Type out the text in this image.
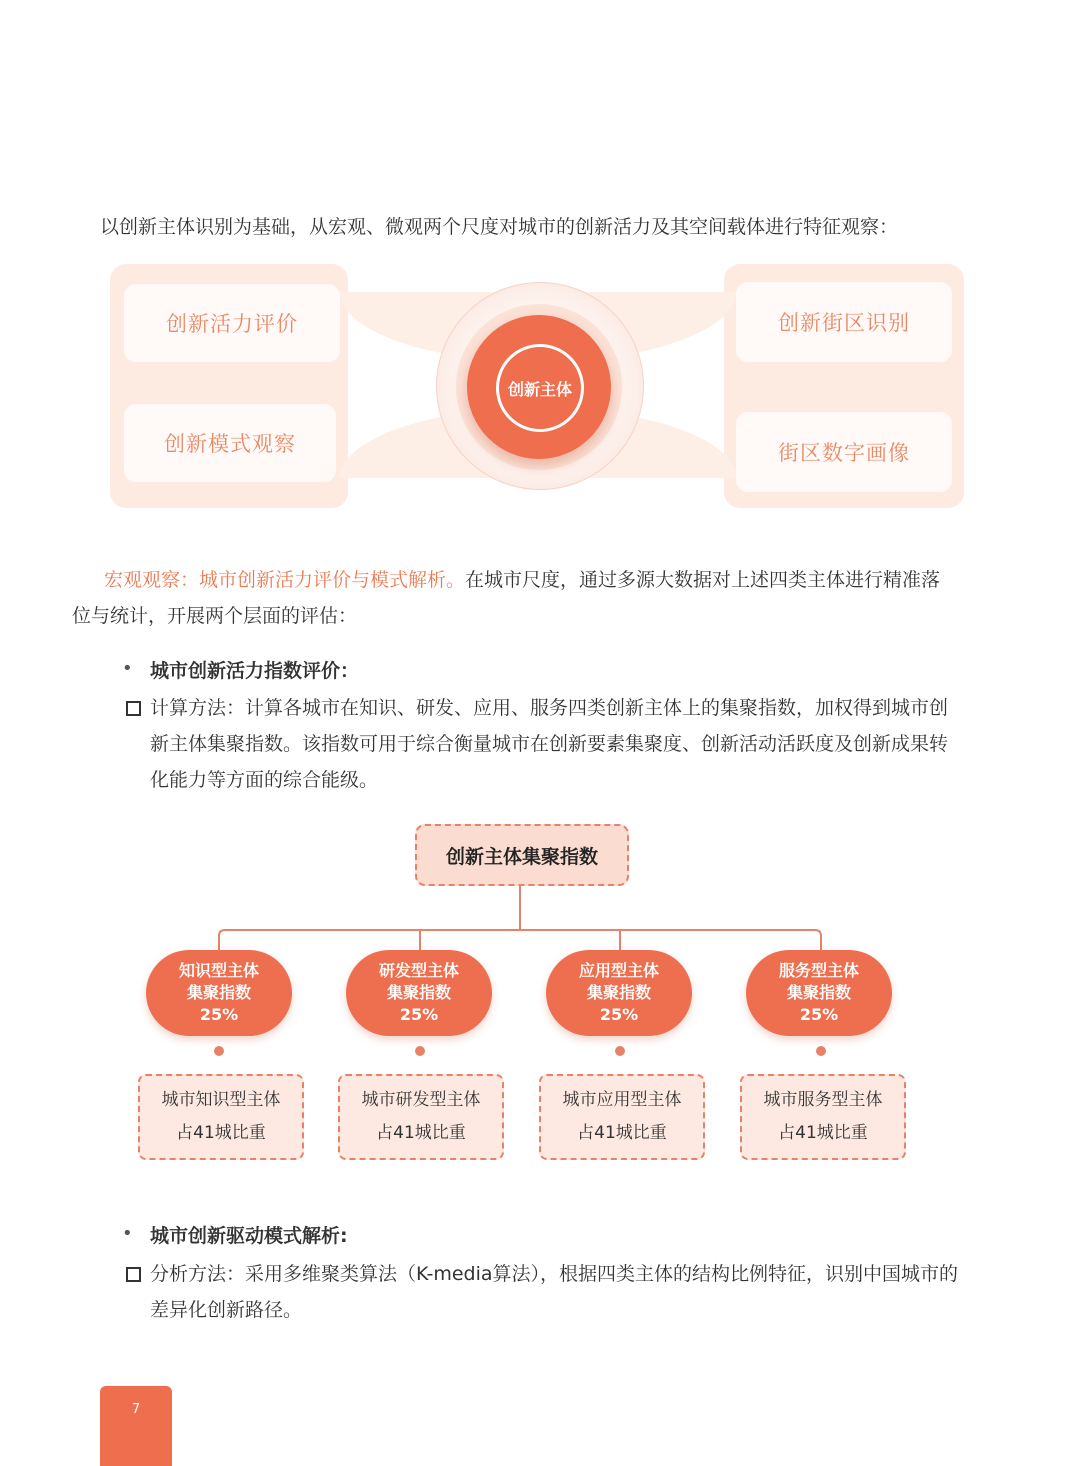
以创新主体识别为基础，从宏观、微观两个尺度对城市的创新活力及其空间载体进行特征观察：
创新活力评价
创新模式观察
创新街区识别
街区数字画像
创新主体
宏观观察：城市创新活力评价与模式解析。在城市尺度，通过多源大数据对上述四类主体进行精准落
位与统计，开展两个层面的评估：
• 城市创新活力指数评价：
计算方法：计算各城市在知识、研发、应用、服务四类创新主体上的集聚指数，加权得到城市创
新主体集聚指数。该指数可用于综合衡量城市在创新要素集聚度、创新活动活跃度及创新成果转
化能力等方面的综合能级。
创新主体集聚指数
知识型主体
集聚指数
25%
研发型主体
集聚指数
25%
应用型主体
集聚指数
25%
服务型主体
集聚指数
25%
城市知识型主体
占41城比重
城市研发型主体
占41城比重
城市应用型主体
占41城比重
城市服务型主体
占41城比重
• 城市创新驱动模式解析:
分析方法：采用多维聚类算法（K-media算法），根据四类主体的结构比例特征，识别中国城市的
差异化创新路径。
7
